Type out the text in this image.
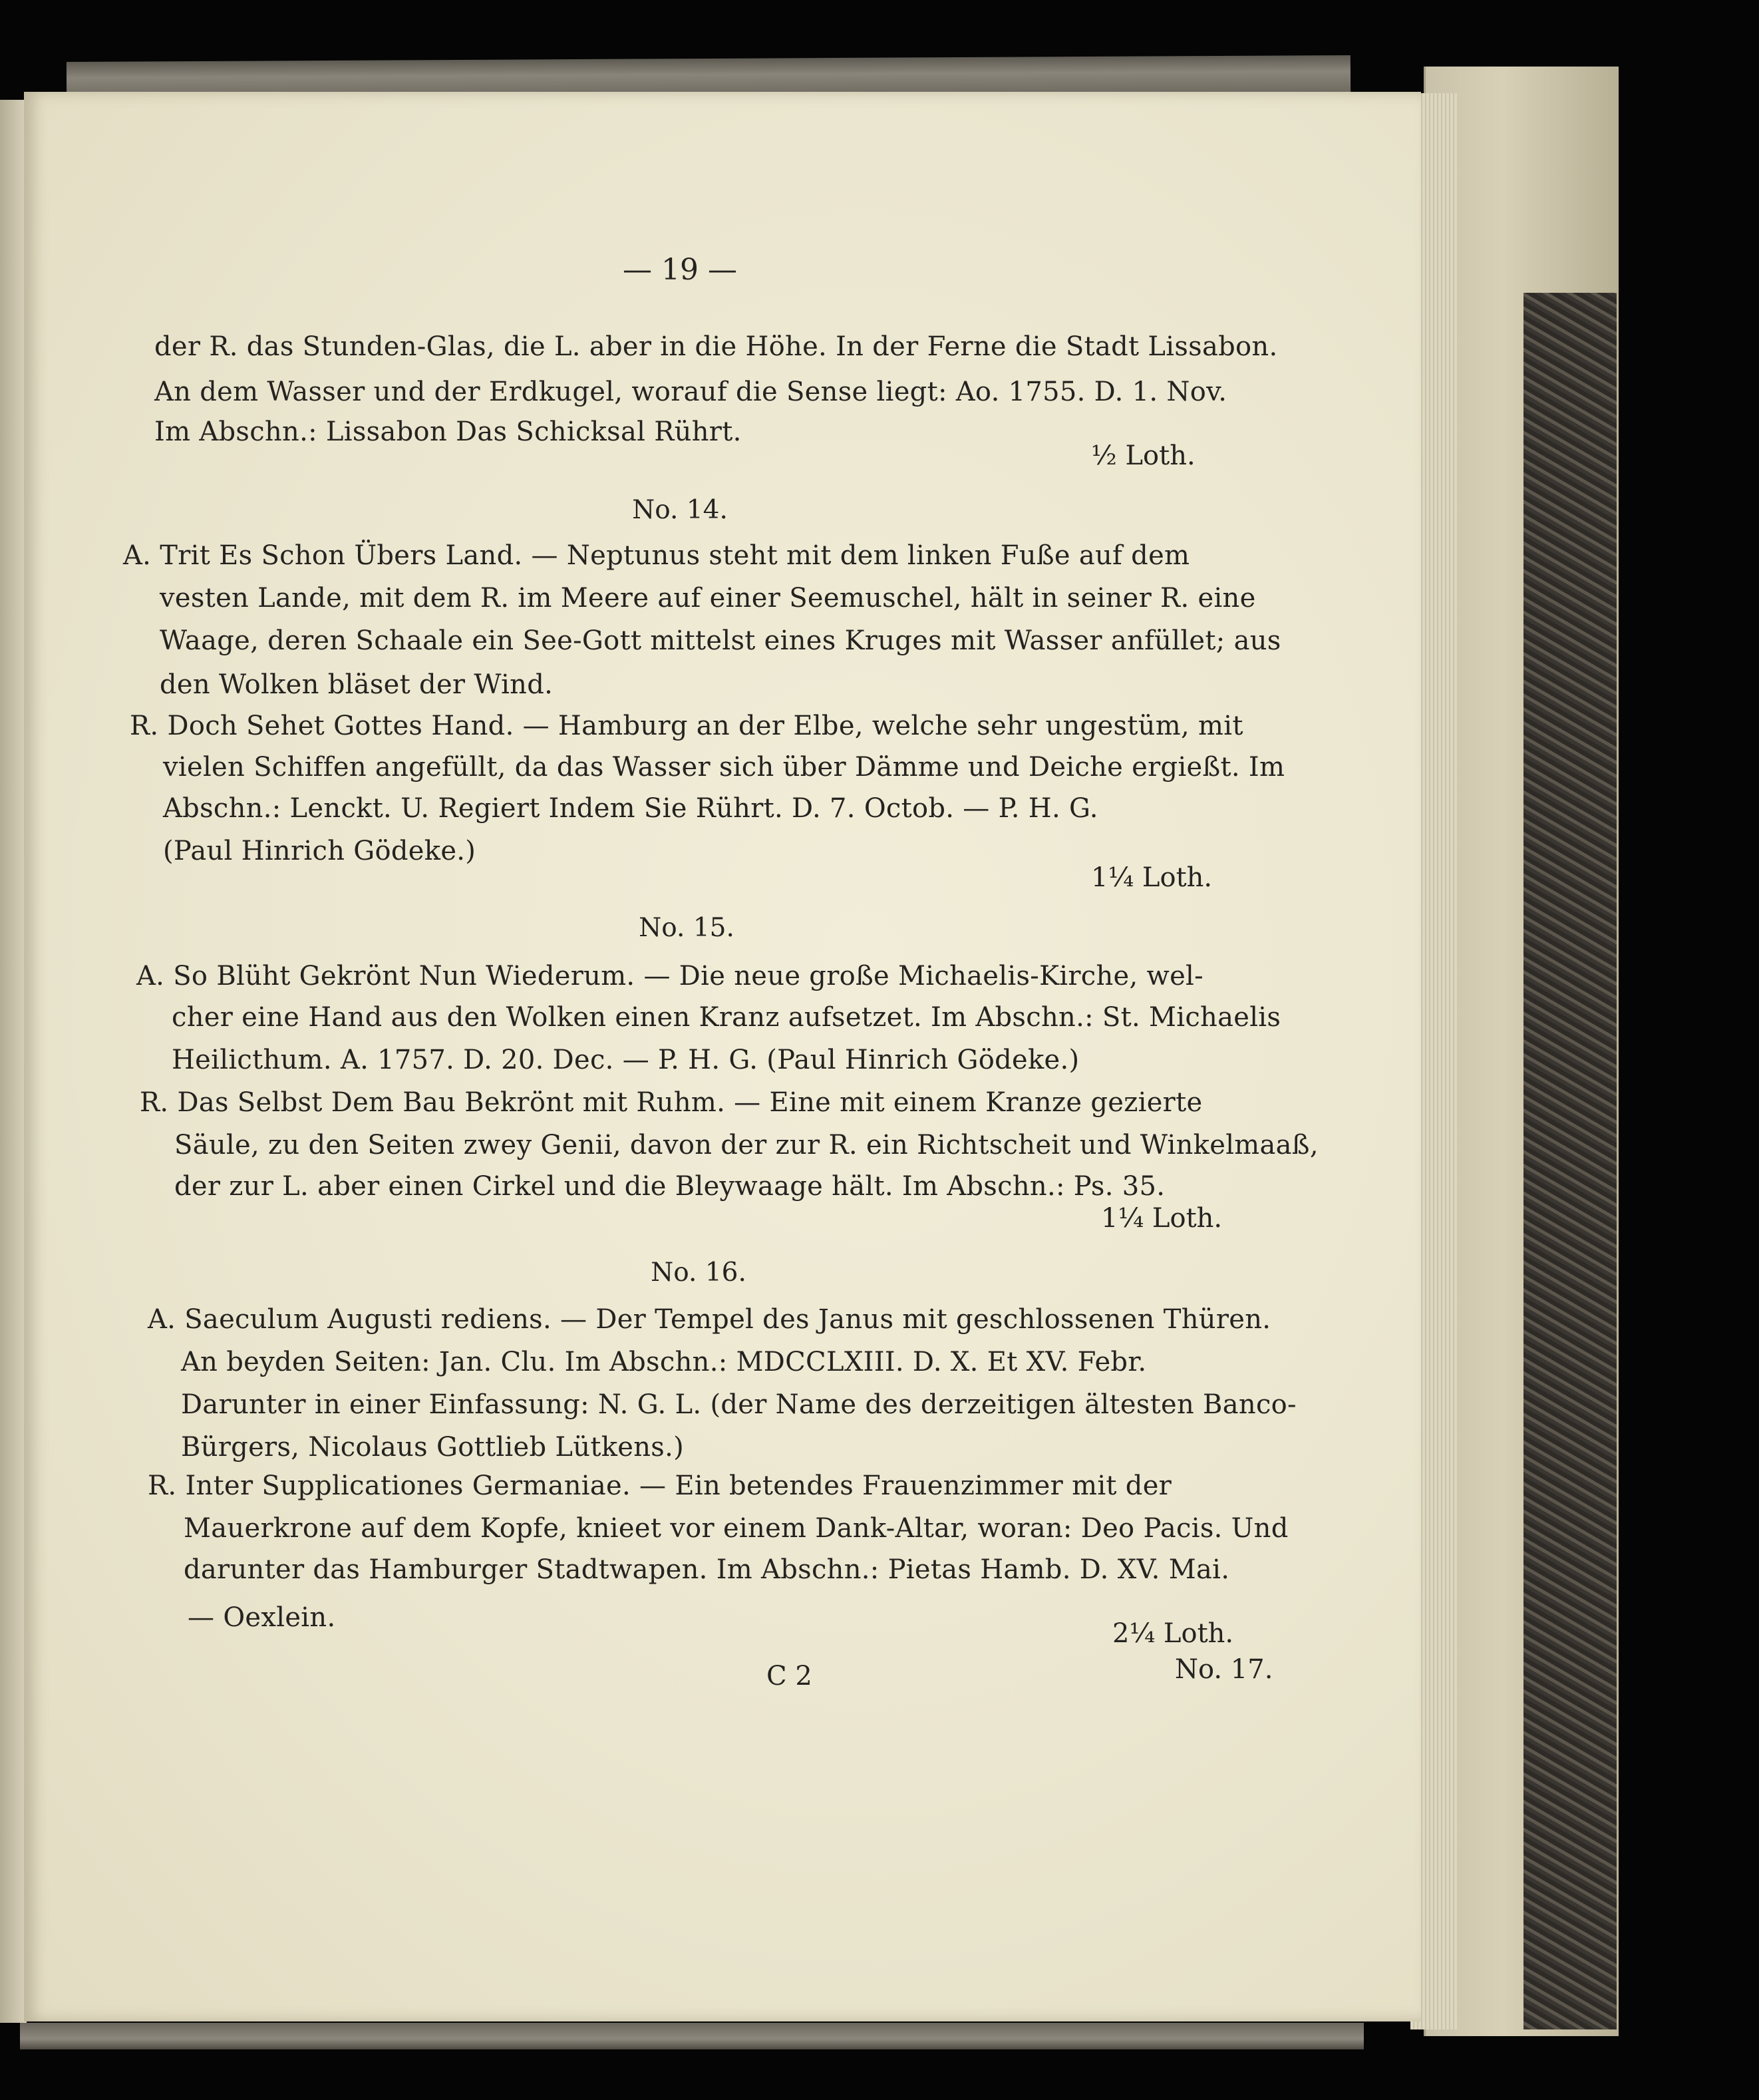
— 19 —
der R. das Stunden-Glas, die L. aber in die Höhe. In der Ferne die Stadt Lissabon.
An dem Wasser und der Erdkugel, worauf die Sense liegt: Ao. 1755. D. 1. Nov.
Im Abschn.: Lissabon Das Schicksal Rührt.
½ Loth.
No. 14.
A. Trit Es Schon Übers Land. — Neptunus steht mit dem linken Fuße auf dem
vesten Lande, mit dem R. im Meere auf einer Seemuschel, hält in seiner R. eine
Waage, deren Schaale ein See-Gott mittelst eines Kruges mit Wasser anfüllet; aus
den Wolken bläset der Wind.
R. Doch Sehet Gottes Hand. — Hamburg an der Elbe, welche sehr ungestüm, mit
vielen Schiffen angefüllt, da das Wasser sich über Dämme und Deiche ergießt. Im
Abschn.: Lenckt. U. Regiert Indem Sie Rührt. D. 7. Octob. — P. H. G.
(Paul Hinrich Gödeke.)
1¼ Loth.
No. 15.
A. So Blüht Gekrönt Nun Wiederum. — Die neue große Michaelis-Kirche, wel-
cher eine Hand aus den Wolken einen Kranz aufsetzet. Im Abschn.: St. Michaelis
Heilicthum. A. 1757. D. 20. Dec. — P. H. G. (Paul Hinrich Gödeke.)
R. Das Selbst Dem Bau Bekrönt mit Ruhm. — Eine mit einem Kranze gezierte
Säule, zu den Seiten zwey Genii, davon der zur R. ein Richtscheit und Winkelmaaß,
der zur L. aber einen Cirkel und die Bleywaage hält. Im Abschn.: Ps. 35.
1¼ Loth.
No. 16.
A. Saeculum Augusti rediens. — Der Tempel des Janus mit geschlossenen Thüren.
An beyden Seiten: Jan. Clu. Im Abschn.: MDCCLXIII. D. X. Et XV. Febr.
Darunter in einer Einfassung: N. G. L. (der Name des derzeitigen ältesten Banco-
Bürgers, Nicolaus Gottlieb Lütkens.)
R. Inter Supplicationes Germaniae. — Ein betendes Frauenzimmer mit der
Mauerkrone auf dem Kopfe, knieet vor einem Dank-Altar, woran: Deo Pacis. Und
darunter das Hamburger Stadtwapen. Im Abschn.: Pietas Hamb. D. XV. Mai.
— Oexlein.
2¼ Loth.
C 2	No. 17.
